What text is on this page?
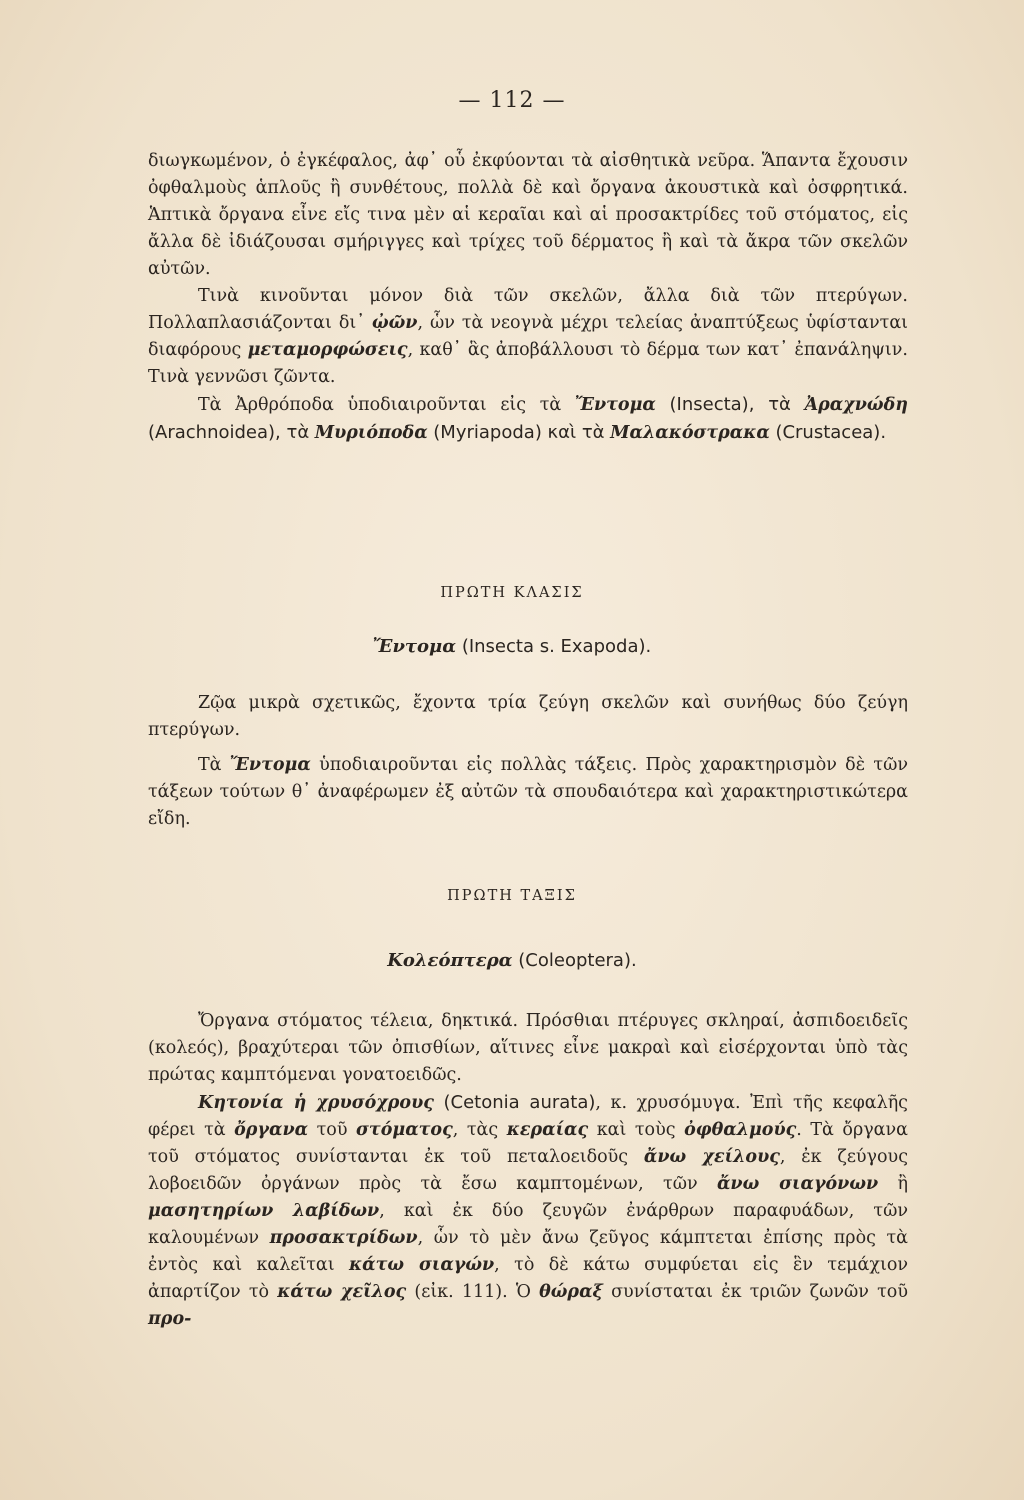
— 112 —

διωγκωμένον, ὁ ἐγκέφαλος, ἀφ᾽ οὗ ἐκφύονται τὰ αἰσθητικὰ νεῦρα. Ἅπαντα ἔχουσιν ὀφθαλμοὺς ἁπλοῦς ἢ συνθέτους, πολλὰ δὲ καὶ ὄργανα ἀκουστικὰ καὶ ὀσφρητικά. Ἁπτικὰ ὄργανα εἶνε εἴς τινα μὲν αἱ κεραῖαι καὶ αἱ προσακτρίδες τοῦ στόματος, εἰς ἄλλα δὲ ἰδιάζουσαι σμήριγγες καὶ τρίχες τοῦ δέρματος ἢ καὶ τὰ ἄκρα τῶν σκελῶν αὐτῶν.

Τινὰ κινοῦνται μόνον διὰ τῶν σκελῶν, ἄλλα διὰ τῶν πτερύγων. Πολλαπλασιάζονται δι᾽ ᾠῶν, ὧν τὰ νεογνὰ μέχρι τελείας ἀναπτύξεως ὑφίστανται διαφόρους μεταμορφώσεις, καθ᾽ ἃς ἀποβάλλουσι τὸ δέρμα των κατ᾽ ἐπανάληψιν. Τινὰ γεννῶσι ζῶντα.

Τὰ Ἀρθρόποδα ὑποδιαιροῦνται εἰς τὰ Ἔντομα (Insecta), τὰ Ἀραχνώδη (Arachnoidea), τὰ Μυριόποδα (Myriapoda) καὶ τὰ Μαλακόστρακα (Crustacea).

ΠΡΩΤΗ ΚΛΑΣΙΣ
Ἔντομα (Insecta s. Exapoda).

Ζῷα μικρὰ σχετικῶς, ἔχοντα τρία ζεύγη σκελῶν καὶ συνήθως δύο ζεύγη πτερύγων.

Τὰ Ἔντομα ὑποδιαιροῦνται εἰς πολλὰς τάξεις. Πρὸς χαρακτηρισμὸν δὲ τῶν τάξεων τούτων θ᾽ ἀναφέρωμεν ἐξ αὐτῶν τὰ σπουδαιότερα καὶ χαρακτηριστικώτερα εἴδη.

ΠΡΩΤΗ ΤΑΞΙΣ
Κολεόπτερα (Coleoptera).

Ὄργανα στόματος τέλεια, δηκτικά. Πρόσθιαι πτέρυγες σκληραί, ἀσπιδοειδεῖς (κολεός), βραχύτεραι τῶν ὀπισθίων, αἵτινες εἶνε μακραὶ καὶ εἰσέρχονται ὑπὸ τὰς πρώτας καμπτόμεναι γονατοειδῶς.

Κητονία ἡ χρυσόχρους (Cetonia aurata), κ. χρυσόμυγα. Ἐπὶ τῆς κεφαλῆς φέρει τὰ ὄργανα τοῦ στόματος, τὰς κεραίας καὶ τοὺς ὀφθαλμούς. Τὰ ὄργανα τοῦ στόματος συνίστανται ἐκ τοῦ πεταλοειδοῦς ἄνω χείλους, ἐκ ζεύγους λοβοειδῶν ὀργάνων πρὸς τὰ ἔσω καμπτομένων, τῶν ἄνω σιαγόνων ἢ μασητηρίων λαβίδων, καὶ ἐκ δύο ζευγῶν ἐνάρθρων παραφυάδων, τῶν καλουμένων προσακτρίδων, ὧν τὸ μὲν ἄνω ζεῦγος κάμπτεται ἐπίσης πρὸς τὰ ἐντὸς καὶ καλεῖται κάτω σιαγών, τὸ δὲ κάτω συμφύεται εἰς ἓν τεμάχιον ἀπαρτίζον τὸ κάτω χεῖλος (εἰκ. 111). Ὁ θώραξ συνίσταται ἐκ τριῶν ζωνῶν τοῦ προ-
